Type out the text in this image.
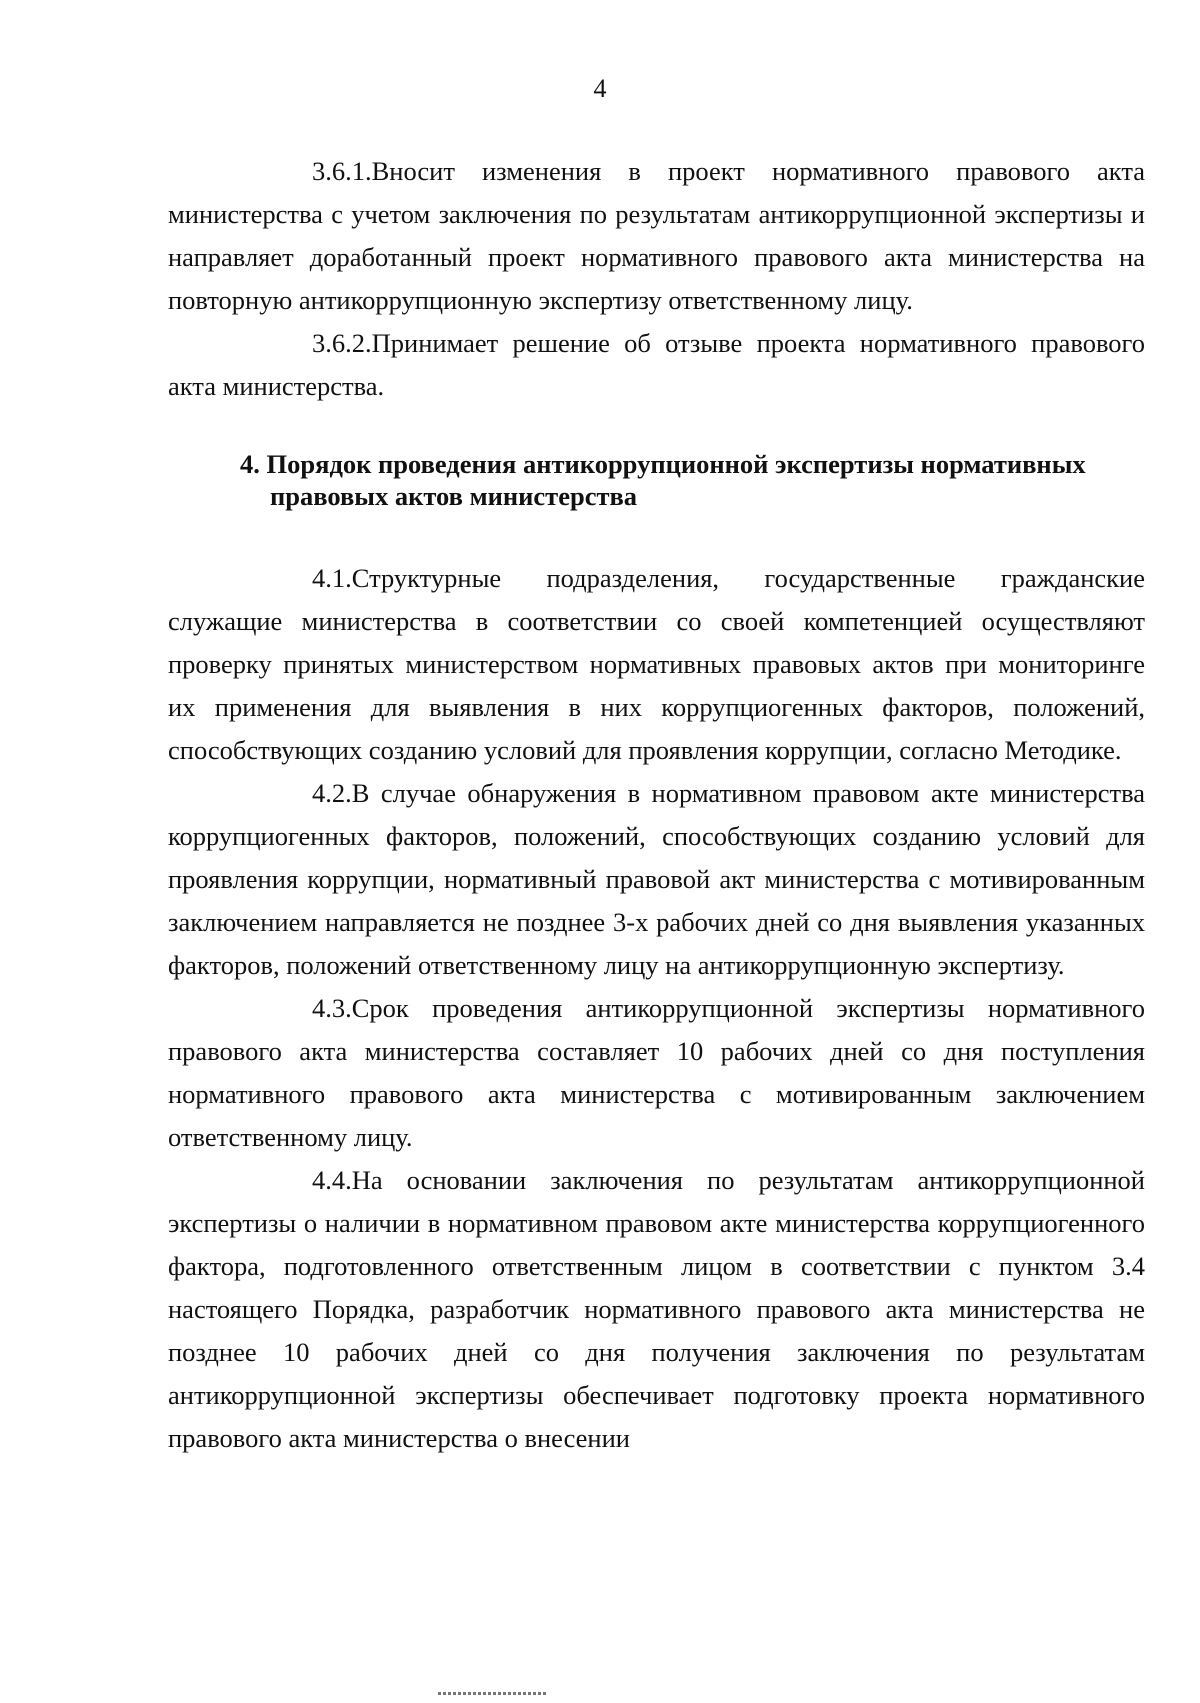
4

3.6.1.Вносит изменения в проект нормативного правового акта министерства с учетом заключения по результатам антикоррупционной экспертизы и направляет доработанный проект нормативного правового акта министерства на повторную антикоррупционную экспертизу ответственному лицу.

3.6.2.Принимает решение об отзыве проекта нормативного правового акта министерства.

4. Порядок проведения антикоррупционной экспертизы нормативных
правовых актов министерства

4.1.Структурные подразделения, государственные гражданские служащие министерства в соответствии со своей компетенцией осуществляют проверку принятых министерством нормативных правовых актов при мониторинге их применения для выявления в них коррупциогенных факторов, положений, способствующих созданию условий для проявления коррупции, согласно Методике.

4.2.В случае обнаружения в нормативном правовом акте министерства коррупциогенных факторов, положений, способствующих созданию условий для проявления коррупции, нормативный правовой акт министерства с мотивированным заключением направляется не позднее 3-х рабочих дней со дня выявления указанных факторов, положений ответственному лицу на антикоррупционную экспертизу.

4.3.Срок проведения антикоррупционной экспертизы нормативного правового акта министерства составляет 10 рабочих дней со дня поступления нормативного правового акта министерства с мотивированным заключением ответственному лицу.

4.4.На основании заключения по результатам антикоррупционной экспертизы о наличии в нормативном правовом акте министерства коррупциогенного фактора, подготовленного ответственным лицом в соответствии с пунктом 3.4 настоящего Порядка, разработчик нормативного правового акта министерства не позднее 10 рабочих дней со дня получения заключения по результатам антикоррупционной экспертизы обеспечивает подготовку проекта нормативного правового акта министерства о внесении
